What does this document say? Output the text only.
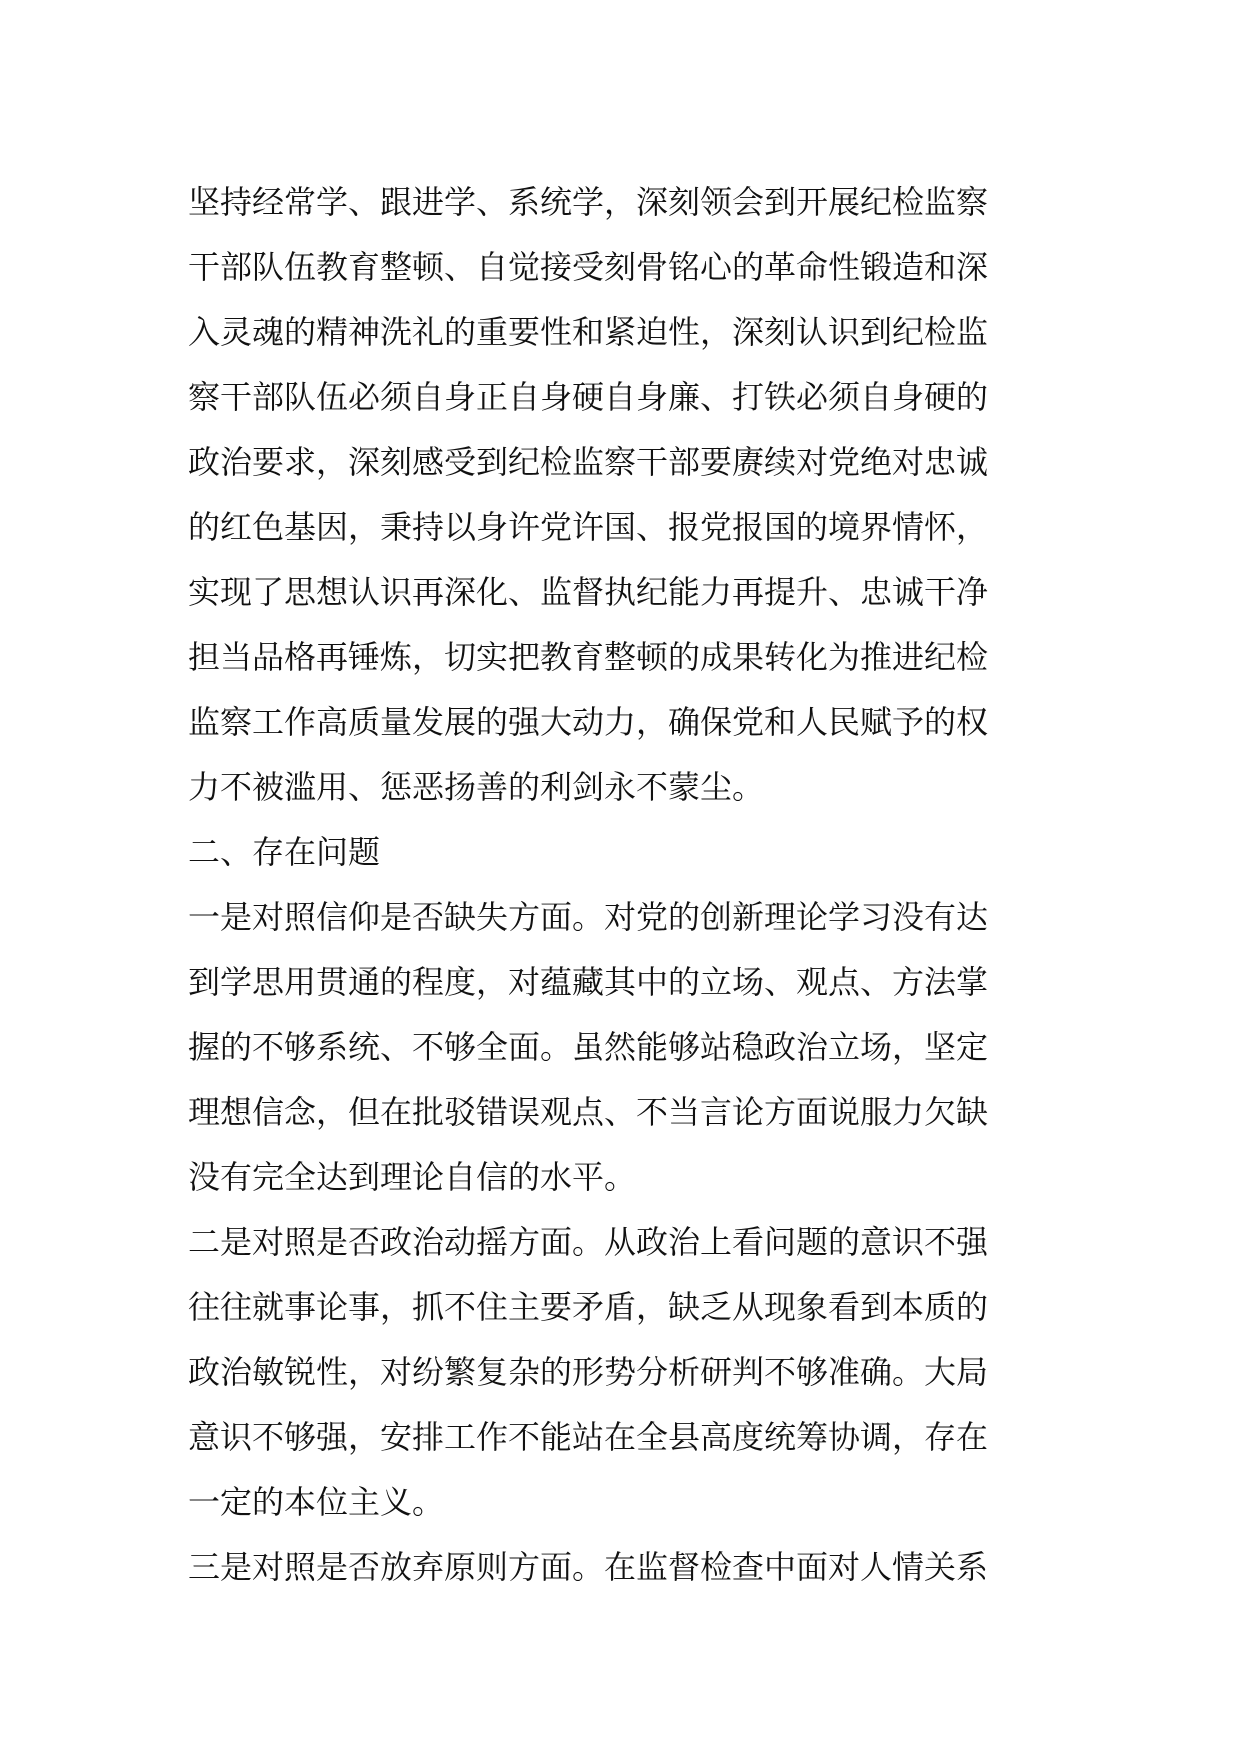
坚持经常学、跟进学、系统学，深刻领会到开展纪检监察
干部队伍教育整顿、自觉接受刻骨铭心的革命性锻造和深
入灵魂的精神洗礼的重要性和紧迫性，深刻认识到纪检监
察干部队伍必须自身正自身硬自身廉、打铁必须自身硬的
政治要求，深刻感受到纪检监察干部要赓续对党绝对忠诚
的红色基因，秉持以身许党许国、报党报国的境界情怀，
实现了思想认识再深化、监督执纪能力再提升、忠诚干净
担当品格再锤炼，切实把教育整顿的成果转化为推进纪检
监察工作高质量发展的强大动力，确保党和人民赋予的权
力不被滥用、惩恶扬善的利剑永不蒙尘。
二、存在问题
一是对照信仰是否缺失方面。对党的创新理论学习没有达
到学思用贯通的程度，对蕴藏其中的立场、观点、方法掌
握的不够系统、不够全面。虽然能够站稳政治立场，坚定
理想信念，但在批驳错误观点、不当言论方面说服力欠缺
没有完全达到理论自信的水平。
二是对照是否政治动摇方面。从政治上看问题的意识不强
往往就事论事，抓不住主要矛盾，缺乏从现象看到本质的
政治敏锐性，对纷繁复杂的形势分析研判不够准确。大局
意识不够强，安排工作不能站在全县高度统筹协调，存在
一定的本位主义。
三是对照是否放弃原则方面。在监督检查中面对人情关系
